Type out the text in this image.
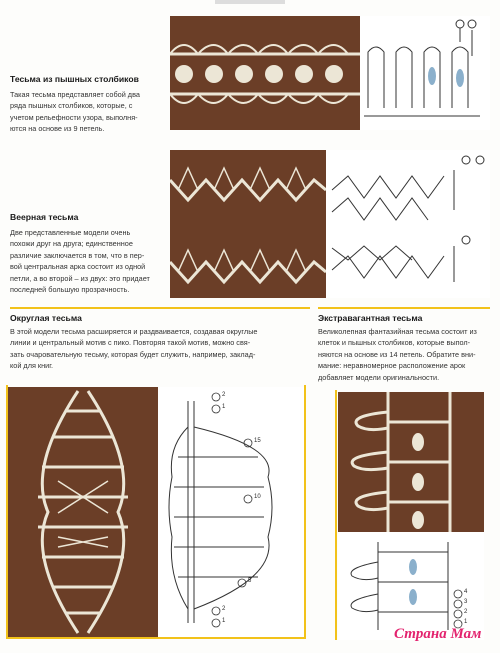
Тесьма из пышных столбиков
Такая тесьма представляет собой два
ряда пышных столбиков, которые, с
учетом рельефности узора, выполня-
ются на основе из 9 петель.
Веерная тесьма
Две представленные модели очень
похожи друг на друга; единственное
различие заключается в том, что в пер-
вой центральная арка состоит из одной
петли, а во второй – из двух: это придает
последней большую прозрачность.
Округлая тесьма
В этой модели тесьма расширяется и раздваивается, создавая округлые
линии и центральный мотив с пико. Повторяя такой мотив, можно свя-
зать очаровательную тесьму, которая будет служить, например, заклад-
кой для книг.
2
1
15
10
5
2
1
Экстравагантная тесьма
Великолепная фантазийная тесьма состоит из
клеток и пышных столбиков, которые выпол-
няются на основе из 14 петель. Обратите вни-
мание: неравномерное расположение арок
добавляет модели оригинальности.
4
3
2
1
Страна Мам
